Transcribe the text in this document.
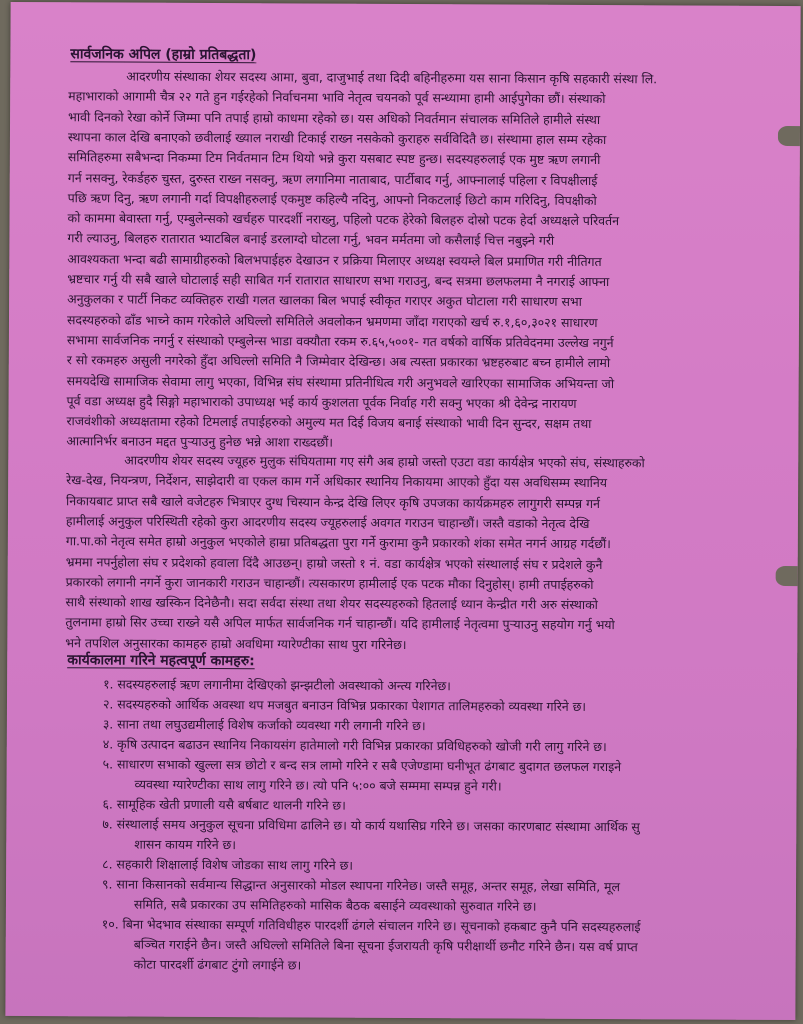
सार्वजनिक अपिल (हाम्रो प्रतिबद्धता)
आदरणीय संस्थाका शेयर सदस्य आमा, बुवा, दाजुभाई तथा दिदी बहिनीहरुमा यस साना किसान कृषि सहकारी संस्था लि.
महाभाराको आगामी चैत्र २२ गते हुन गईरहेको निर्वाचनमा भावि नेतृत्व चयनको पूर्व सन्ध्यामा हामी आईपुगेका छौं। संस्थाको
भावी दिनको रेखा कोर्ने जिम्मा पनि तपाई हाम्रो काधमा रहेको छ। यस अधिको निवर्तमान संचालक समितिले हामीले संस्था
स्थापना काल देखि बनाएको छवीलाई ख्याल नराखी टिकाई राख्न नसकेको कुराहरु सर्वविदितै छ। संस्थामा हाल सम्म रहेका
समितिहरुमा सबैभन्दा निकम्मा टिम निर्वतमान टिम थियो भन्ने कुरा यसबाट स्पष्ट हुन्छ। सदस्यहरुलाई एक मुष्ट ऋण लगानी
गर्न नसक्नु, रेकर्डहरु चुस्त, दुरुस्त राख्न नसक्नु, ऋण लगानिमा नाताबाद, पार्टीबाद गर्नु, आफ्नालाई पहिला र विपक्षीलाई
पछि ऋण दिनु, ऋण लगानी गर्दा विपक्षीहरुलाई एकमुष्ट कहिल्यै नदिनु, आफ्नो निकटलाई छिटो काम गरिदिनु, विपक्षीको
को काममा बेवास्ता गर्नु, एम्बुलेन्सको खर्चहरु पारदर्शी नराख्नु, पहिलो पटक हेरेको बिलहरु दोस्रो पटक हेर्दा अध्यक्षले परिवर्तन
गरी ल्याउनु, बिलहरु रातारात भ्याटबिल बनाई डरलाग्दो घोटला गर्नु, भवन मर्मतमा जो कसैलाई चित्त नबुझ्ने गरी
आवश्यकता भन्दा बढी सामाग्रीहरुको बिलभपाईहरु देखाउन र प्रक्रिया मिलाएर अध्यक्ष स्वयम्ले बिल प्रमाणित गरी नीतिगत
भ्रष्टचार गर्नु यी सबै खाले घोटालाई सही साबित गर्न रातारात साधारण सभा गराउनु, बन्द सत्रमा छलफलमा नै नगराई आफ्ना
अनुकुलका र पार्टी निकट व्यक्तिहरु राखी गलत खालका बिल भपाई स्वीकृत गराएर अकुत घोटाला गरी साधारण सभा
सदस्यहरुको ढाँड भाच्ने काम गरेकोले अघिल्लो समितिले अवलोकन भ्रमणमा जाँदा गराएको खर्च रु.१,६०,३०२१ साधारण
सभामा सार्वजनिक नगर्नु र संस्थाको एम्बुलेन्स भाडा वक्यौता रकम रु.६५,५००१- गत वर्षको वार्षिक प्रतिवेदनमा उल्लेख नगुर्न
र सो रकमहरु असुली नगरेको हुँदा अघिल्लो समिति नै जिम्मेवार देखिन्छ। अब त्यस्ता प्रकारका भ्रष्टहरुबाट बच्न हामीले लामो
समयदेखि सामाजिक सेवामा लागु भएका, विभिन्न संघ संस्थामा प्रतिनीधित्व गरी अनुभवले खारिएका सामाजिक अभियन्ता जो
पूर्व वडा अध्यक्ष हुदै सिङ्गो महाभाराको उपाध्यक्ष भई कार्य कुशलता पूर्वक निर्वाह गरी सक्नु भएका श्री देवेन्द्र नारायण
राजवंशीको अध्यक्षतामा रहेको टिमलाई तपाईहरुको अमुल्य मत दिई विजय बनाई संस्थाको भावी दिन सुन्दर, सक्षम तथा
आत्मानिर्भर बनाउन मद्दत पुर्‍याउनु हुनेछ भन्ने आशा राख्दछौं।
आदरणीय शेयर सदस्य ज्यूहरु मुलुक संघियतामा गए संगै अब हाम्रो जस्तो एउटा वडा कार्यक्षेत्र भएको संघ, संस्थाहरुको
रेख-देख, नियन्त्रण, निर्देशन, साझेदारी वा एकल काम गर्ने अधिकार स्थानिय निकायमा आएको हुँदा यस अवधिसम्म स्थानिय
निकायबाट प्राप्त सबै खाले वजेटहरु भित्राएर दुग्ध चिस्यान केन्द्र देखि लिएर कृषि उपजका कार्यक्रमहरु लागुगरी सम्पन्न गर्न
हामीलाई अनुकुल परिस्थिती रहेको कुरा आदरणीय सदस्य ज्यूहरुलाई अवगत गराउन चाहान्छौं। जस्तै वडाको नेतृत्व देखि
गा.पा.को नेतृत्व समेत हाम्रो अनुकुल भएकोले हाम्रा प्रतिबद्धता पुरा गर्ने कुरामा कुनै प्रकारको शंका समेत नगर्न आग्रह गर्दछौं।
भ्रममा नपर्नुहोला संघ र प्रदेशको हवाला दिंदै आउछन्। हाम्रो जस्तो १ नं. वडा कार्यक्षेत्र भएको संस्थालाई संघ र प्रदेशले कुनै
प्रकारको लगानी नगर्ने कुरा जानकारी गराउन चाहान्छौं। त्यसकारण हामीलाई एक पटक मौका दिनुहोस्। हामी तपाईहरुको
साथै संस्थाको शाख खस्किन दिनेछैनौ। सदा सर्वदा संस्था तथा शेयर सदस्यहरुको हितलाई ध्यान केन्द्रीत गरी अरु संस्थाको
तुलनामा हाम्रो सिर उच्चा राख्ने यसै अपिल मार्फत सार्वजनिक गर्न चाहान्छौं। यदि हामीलाई नेतृत्वमा पुर्‍याउनु सहयोग गर्नु भयो
भने तपशिल अनुसारका कामहरु हाम्रो अवधिमा ग्यारेण्टीका साथ पुरा गरिनेछ।
कार्यकालमा गरिने महत्वपूर्ण कामहरु:
१. सदस्यहरुलाई ऋण लगानीमा देखिएको झन्झटीलो अवस्थाको अन्त्य गरिनेछ।
२. सदस्यहरुको आर्थिक अवस्था थप मजबुत बनाउन विभिन्न प्रकारका पेशागत तालिमहरुको व्यवस्था गरिने छ।
३. साना तथा लघुउद्यमीलाई विशेष कर्जाको व्यवस्था गरी लगानी गरिने छ।
४. कृषि उत्पादन बढाउन स्थानिय निकायसंग हातेमालो गरी विभिन्न प्रकारका प्रविधिहरुको खोजी गरी लागु गरिने छ।
५. साधारण सभाको खुल्ला सत्र छोटो र बन्द सत्र लामो गरिने र सबै एजेण्डामा घनीभूत ढंगबाट बुदागत छलफल गराइने
व्यवस्था ग्यारेण्टीका साथ लागु गरिने छ। त्यो पनि ५:०० बजे सम्ममा सम्पन्न हुने गरी।
६. सामूहिक खेती प्रणाली यसै बर्षबाट थालनी गरिने छ।
७. संस्थालाई समय अनुकुल सूचना प्रविधिमा ढालिने छ। यो कार्य यथासिघ्र गरिने छ। जसका कारणबाट संस्थामा आर्थिक सु
शासन कायम गरिने छ।
८. सहकारी शिक्षालाई विशेष जोडका साथ लागु गरिने छ।
९. साना किसानको सर्वमान्य सिद्धान्त अनुसारको मोडल स्थापना गरिनेछ। जस्तै समूह, अन्तर समूह, लेखा समिति, मूल
समिति, सबै प्रकारका उप समितिहरुको मासिक बैठक बसाईने व्यवस्थाको सुरुवात गरिने छ।
१०. बिना भेदभाव संस्थाका सम्पूर्ण गतिविधीहरु पारदर्शी ढंगले संचालन गरिने छ। सूचनाको हकबाट कुनै पनि सदस्यहरुलाई
बञ्चित गराईने छैन। जस्तै अघिल्लो समितिले बिना सूचना ईजरायती कृषि परीक्षार्थी छनौट गरिने छैन। यस वर्ष प्राप्त
कोटा पारदर्शी ढंगबाट टुंगो लगाईने छ।
